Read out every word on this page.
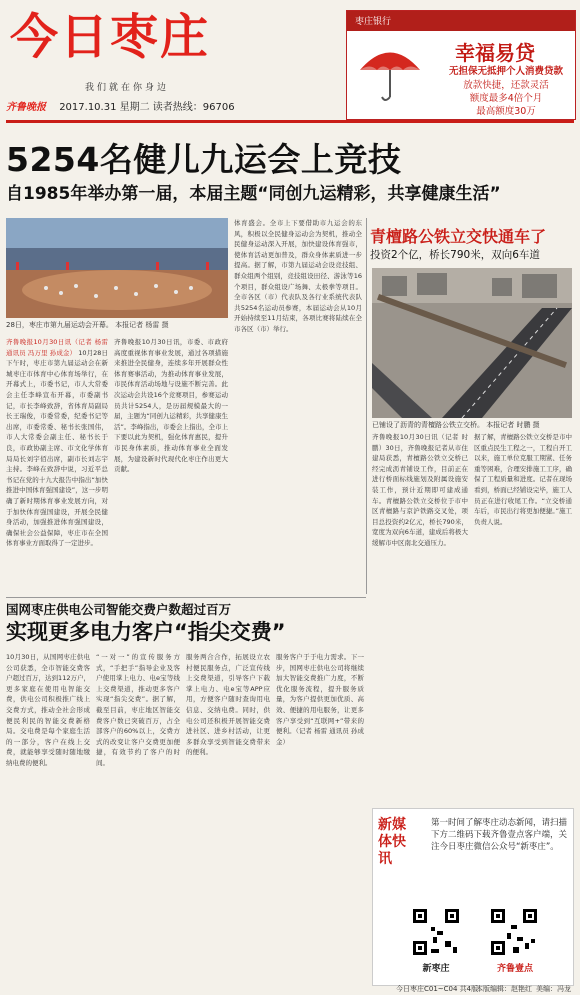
今日枣庄
我们就在你身边
齐鲁晚报 2017.10.31 星期二 读者热线：96706
枣庄银行
幸福易贷
无担保无抵押个人消费贷款
放款快捷，还款灵活
额度最多4倍个月
最高额度30万
5254名健儿九运会上竞技
自1985年举办第一届，本届主题“同创九运精彩，共享健康生活”
28日，枣庄市第九届运动会开幕。 本报记者 杨雷 摄
齐鲁晚报10月30日讯（记者 杨雷 通讯员 冯万里 孙成金） 10月28日下午时，枣庄市第九届运动会在新城枣庄市体育中心体育场举行，在开幕式上，市委书记，市人大常委会主任李峰宣布开幕，市委副书记，市长李峰致辞，省体育局副局长王瑞俊，市委常委，纪委书记等出席，市委常委、秘书长张国伟，市人大常委会副主任、秘书长于良，市政协副主席、市文化学体育局局长刘宇佰出席，副市长刘志宇主持。李峰在致辞中说，习近平总书记在党的十九大报告中指出“加快推进中国体育强国建设”，这一步明确了新时期体育事业发展方向，对于加快体育强国建设，开展全民健身活动，加强推进体育强国建设，确保社会公益保障，枣庄市在全国体育事业方面取得了一定进步。
齐鲁晚报10月30日讯，市委、市政府高度重视体育事业发展，通过各项措施来推进全民健身，连续多年开展群众性体育赛事活动，为推动体育事业发展，市民体育活动场地与设施不断完善。此次运动会共设16个竞赛项目，参赛运动员共计5254人，是历届规模最大的一届，主题为“同创九运精彩，共享健康生活”。李峰指出，市委会上指出，全市上下要以此为契机，强化体育惠民，提升市民身体素质，推动体育事业全面发展，为建设新时代现代化枣庄作出更大贡献。
体育盛会。全市上下要借助市九运会的东风，积极以全民健身运动会为契机，推动全民健身运动深入开展，加快建设体育强市，使体育活动更加普及，群众身体素质进一步提高。据了解，市第九届运动会设竞技组、群众组两个组别，竞技组设田径、游泳等16个项目，群众组设广场舞、太极拳等项目。全市各区（市）代表队及各行业系统代表队共5254名运动员参赛，本届运动会从10月开始持续至11月结束，各项比赛将陆续在全市各区（市）举行。
青檀路公铁立交快通车了
投资2个亿，桥长790米，双向6车道
已铺设了沥青的青檀路公铁立交桥。 本报记者 时鹏 摄
齐鲁晚报10月30日讯（记者 时鹏）30日，齐鲁晚报记者从市住建局获悉，青檀路公铁立交桥已经完成沥青铺设工作，目前正在进行桥面标线施划及附属设施安装工作，预计近期即可建成通车。青檀路公铁立交桥位于市中区青檀路与京沪铁路交叉处，项目总投资约2亿元，桥长790米，宽度为双向6车道，建成后将极大缓解市中区南北交通压力。
据了解，青檀路公铁立交桥是市中区重点民生工程之一，工程自开工以来，施工单位克服工期紧、任务重等困难，合理安排施工工序，确保了工程质量和进度。记者在现场看到，桥面已经铺设完毕，施工人员正在进行收尾工作。“立交桥通车后，市民出行将更加便捷。”施工负责人说。
国网枣庄供电公司智能交费户数超过百万
实现更多电力客户“指尖交费”
10月30日，从国网枣庄供电公司获悉，全市智能交费客户超过百万，达到112万户，更多家庭在使用电智能交费，供电公司积极推广线上交费方式，推动全社会形成便民利民的智能交费新格局。交电费是每个家庭生活的一部分，客户在线上交费，就能够享受随时随地缴纳电费的便利。
“一对一”的宣传服务方式，“手把手”指导企业及客户使用掌上电力、电e宝等线上交费渠道，推动更多客户实现“指尖交费”。据了解，截至目前，枣庄地区智能交费客户数已突破百万，占全部客户的60%以上，交费方式的改变让客户交费更加便捷，有效节约了客户的时间。
服务两合合作，拓展设立农村便民服务点，广泛宣传线上交费渠道，引导客户下载掌上电力、电e宝等APP应用，方便客户随时查询用电信息、交纳电费。同时，供电公司还积极开展智能交费进社区、进乡村活动，让更多群众享受到智能交费带来的便利。
服务客户于于电力需求。下一步，国网枣庄供电公司将继续加大智能交费推广力度，不断优化服务流程，提升服务质量，为客户提供更加优质、高效、便捷的用电服务，让更多客户享受到“互联网+”带来的便利。（记者 杨雷 通讯员 孙成金）
新媒体快讯
第一时间了解枣庄动态新闻，请扫描下方二维码下载齐鲁壹点客户端，关注今日枣庄微信公众号“新枣庄”。
新枣庄	齐鲁壹点
今日枣庄C01~C04 共4版
本版编辑：赵艳红 美编：冯龙
